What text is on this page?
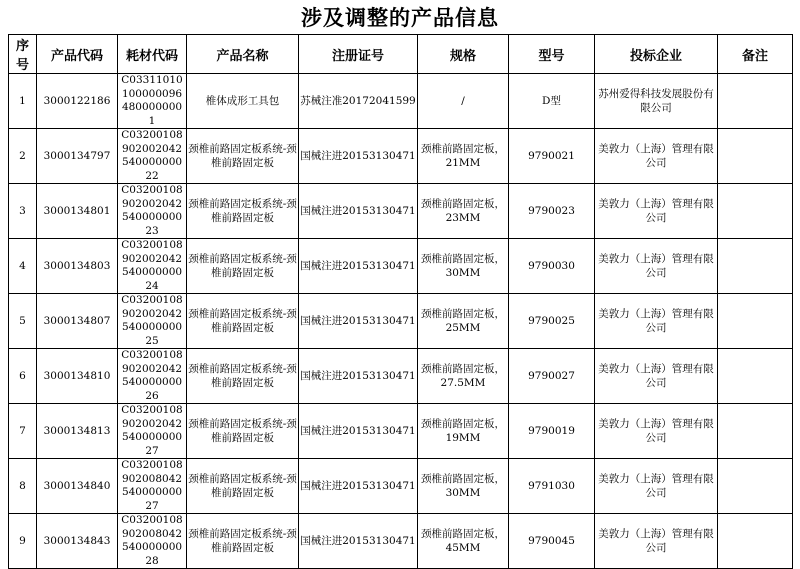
涉及调整的产品信息
序号	产品代码	耗材代码	产品名称	注册证号	规格	型号	投标企业	备注
1	3000122186	C033110101000000964800000001	椎体成形工具包	苏械注准20172041599	/	D型	苏州爱得科技发展股份有限公司	
2	3000134797	C0320010890200204254000000022	颈椎前路固定板系统-颈椎前路固定板	国械注进20153130471	颈椎前路固定板，21MM	9790021	美敦力（上海）管理有限公司	
3	3000134801	C0320010890200204254000000023	颈椎前路固定板系统-颈椎前路固定板	国械注进20153130471	颈椎前路固定板，23MM	9790023	美敦力（上海）管理有限公司	
4	3000134803	C0320010890200204254000000024	颈椎前路固定板系统-颈椎前路固定板	国械注进20153130471	颈椎前路固定板，30MM	9790030	美敦力（上海）管理有限公司	
5	3000134807	C0320010890200204254000000025	颈椎前路固定板系统-颈椎前路固定板	国械注进20153130471	颈椎前路固定板，25MM	9790025	美敦力（上海）管理有限公司	
6	3000134810	C0320010890200204254000000026	颈椎前路固定板系统-颈椎前路固定板	国械注进20153130471	颈椎前路固定板，27.5MM	9790027	美敦力（上海）管理有限公司	
7	3000134813	C0320010890200204254000000027	颈椎前路固定板系统-颈椎前路固定板	国械注进20153130471	颈椎前路固定板，19MM	9790019	美敦力（上海）管理有限公司	
8	3000134840	C0320010890200804254000000027	颈椎前路固定板系统-颈椎前路固定板	国械注进20153130471	颈椎前路固定板， 30MM	9791030	美敦力（上海）管理有限公司	
9	3000134843	C0320010890200804254000000028	颈椎前路固定板系统-颈椎前路固定板	国械注进20153130471	颈椎前路固定板，45MM	9790045	美敦力（上海）管理有限公司	
